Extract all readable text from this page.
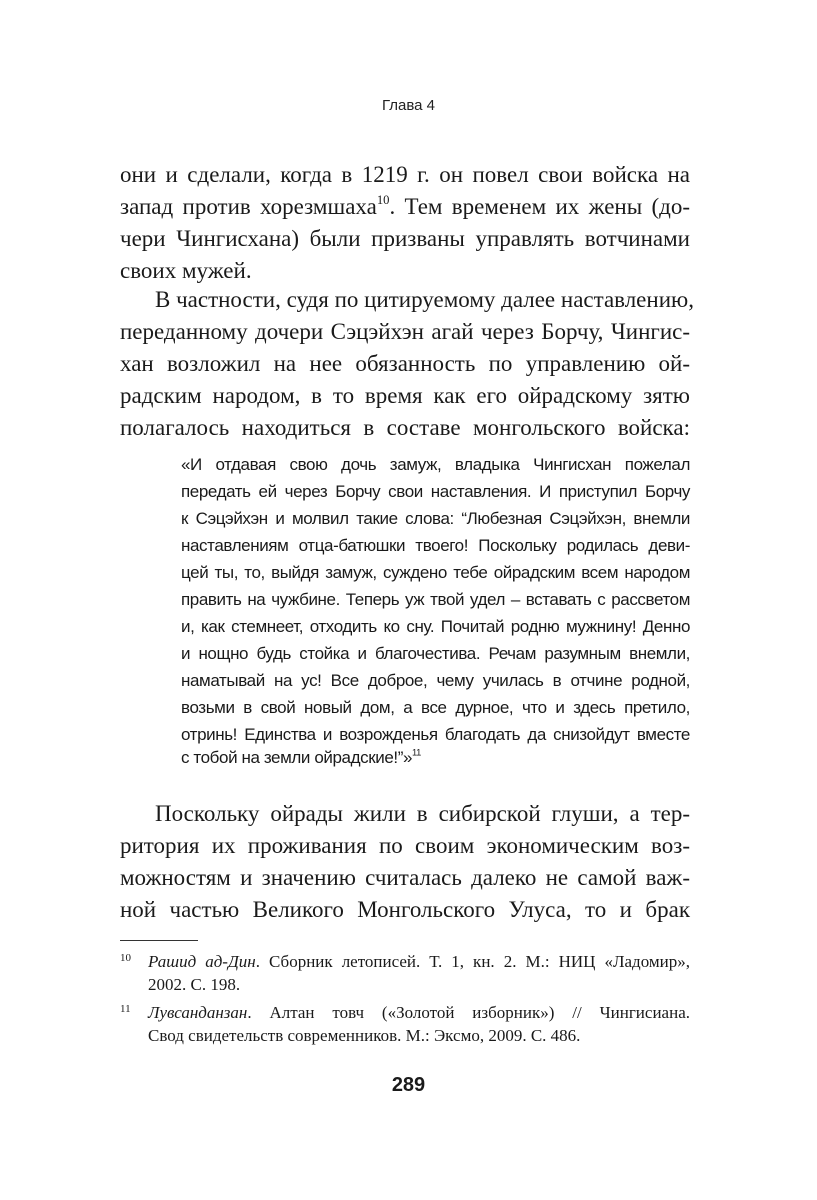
Глава 4
они и сделали, когда в 1219 г. он повел свои войска на
запад против хорезмшаха$^{10}$. Тем временем их жены (до-
чери Чингисхана) были призваны управлять вотчинами
своих мужей.
В частности, судя по цитируемому далее наставлению,
переданному дочери Сэцэйхэн агай через Борчу, Чингис-
хан возложил на нее обязанность по управлению ой-
радским народом, в то время как его ойрадскому зятю
полагалось находиться в составе монгольского войска:
«И отдавая свою дочь замуж, владыка Чингисхан пожелал
передать ей через Борчу свои наставления. И приступил Борчу
к Сэцэйхэн и молвил такие слова: “Любезная Сэцэйхэн, внемли
наставлениям отца-батюшки твоего! Поскольку родилась деви-
цей ты, то, выйдя замуж, суждено тебе ойрадским всем народом
править на чужбине. Теперь уж твой удел – вставать с рассветом
и, как стемнеет, отходить ко сну. Почитай родню мужнину! Денно
и нощно будь стойка и благочестива. Речам разумным внемли,
наматывай на ус! Все доброе, чему училась в отчине родной,
возьми в свой новый дом, а все дурное, что и здесь претило,
отринь! Единства и возрожденья благодать да снизойдут вместе
с тобой на земли ойрадские!”»$^{11}$
Поскольку ойрады жили в сибирской глуши, а тер-
ритория их проживания по своим экономическим воз-
можностям и значению считалась далеко не самой важ-
ной частью Великого Монгольского Улуса, то и брак
10	Рашид ад-Дин. Сборник летописей. Т. 1, кн. 2. М.: НИЦ «Ладомир»,
2002. С. 198.
11	Лувсанданзан. Алтан товч («Золотой изборник») // Чингисиана.
Свод свидетельств современников. М.: Эксмо, 2009. С. 486.
289
